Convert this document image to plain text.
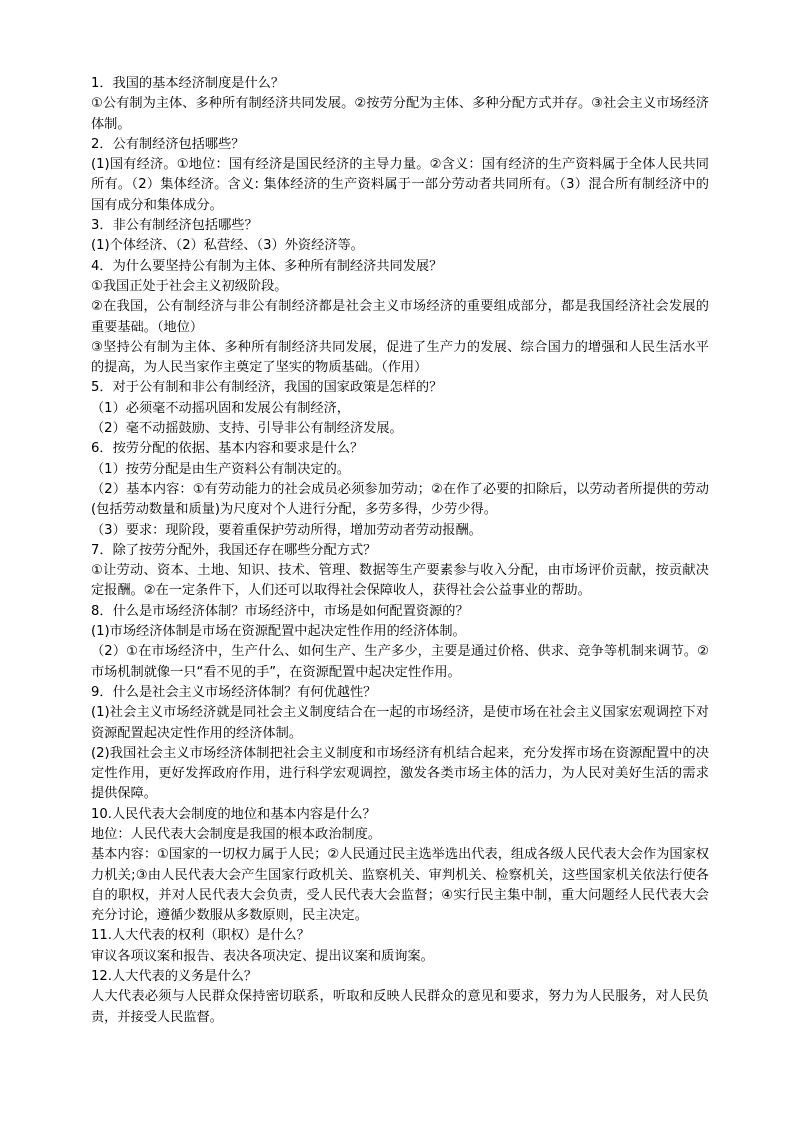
1．我国的基本经济制度是什么？

①公有制为主体、多种所有制经济共同发展。②按劳分配为主体、多种分配方式并存。③社会主义市场经济体制。

2．公有制经济包括哪些？

(1)国有经济。①地位：国有经济是国民经济的主导力量。②含义：国有经济的生产资料属于全体人民共同所有。（2）集体经济。含义: 集体经济的生产资料属于一部分劳动者共同所有。（3）混合所有制经济中的国有成分和集体成分。

3．非公有制经济包括哪些？

(1)个体经济、（2）私营经、（3）外资经济等。

4．为什么要坚持公有制为主体、多种所有制经济共同发展？

①我国正处于社会主义初级阶段。

②在我国，公有制经济与非公有制经济都是社会主义市场经济的重要组成部分，都是我国经济社会发展的重要基础。（地位）

③坚持公有制为主体、多种所有制经济共同发展，促进了生产力的发展、综合国力的增强和人民生活水平的提高，为人民当家作主奠定了坚实的物质基础。（作用）

5．对于公有制和非公有制经济，我国的国家政策是怎样的？

（1）必须毫不动摇巩固和发展公有制经济，

（2）毫不动摇鼓励、支持、引导非公有制经济发展。

6．按劳分配的依据、基本内容和要求是什么？

（1）按劳分配是由生产资料公有制决定的。

（2）基本内容：①有劳动能力的社会成员必须参加劳动；②在作了必要的扣除后，以劳动者所提供的劳动(包括劳动数量和质量)为尺度对个人进行分配，多劳多得，少劳少得。

（3）要求：现阶段，要着重保护劳动所得，增加劳动者劳动报酬。

7．除了按劳分配外，我国还存在哪些分配方式？

①让劳动、资本、土地、知识、技术、管理、数据等生产要素参与收入分配，由市场评价贡献，按贡献决定报酬。②在一定条件下，人们还可以取得社会保障收人，获得社会公益事业的帮助。

8．什么是市场经济体制？市场经济中，市场是如何配置资源的？

(1)市场经济体制是市场在资源配置中起决定性作用的经济体制。

（2）①在市场经济中，生产什么、如何生产、生产多少，主要是通过价格、供求、竞争等机制来调节。②市场机制就像一只“看不见的手”，在资源配置中起决定性作用。

9．什么是社会主义市场经济体制？有何优越性？

(1)社会主义市场经济就是同社会主义制度结合在一起的市场经济，是使市场在社会主义国家宏观调控下对资源配置起决定性作用的经济体制。

(2)我国社会主义市场经济体制把社会主义制度和市场经济有机结合起来，充分发挥市场在资源配置中的决定性作用，更好发挥政府作用，进行科学宏观调控，激发各类市场主体的活力，为人民对美好生活的需求提供保障。

10.人民代表大会制度的地位和基本内容是什么？

地位：人民代表大会制度是我国的根本政治制度。

基本内容：①国家的一切权力属于人民；②人民通过民主选举选出代表，组成各级人民代表大会作为国家权力机关;③由人民代表大会产生国家行政机关、监察机关、审判机关、检察机关，这些国家机关依法行使各自的职权，并对人民代表大会负责，受人民代表大会监督；④实行民主集中制，重大问题经人民代表大会充分讨论，遵循少数服从多数原则，民主决定。

11.人大代表的权利（职权）是什么？

审议各项议案和报告、表决各项决定、提出议案和质询案。

12.人大代表的义务是什么？

人大代表必须与人民群众保持密切联系，听取和反映人民群众的意见和要求，努力为人民服务，对人民负责，并接受人民监督。
